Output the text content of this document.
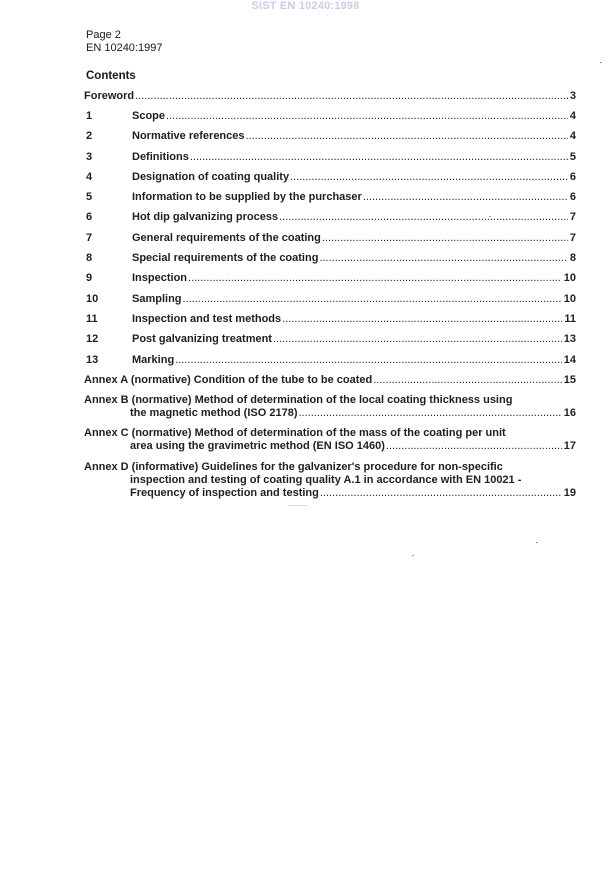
SIST EN 10240:1998
Page 2
EN 10240:1997
Contents
Foreword .....	3
1	Scope .....	4
2	Normative references .....	4
3	Definitions .....	5
4	Designation of coating quality .....	6
5	Information to be supplied by the purchaser .....	6
6	Hot dip galvanizing process .....	7
7	General requirements of the coating .....	7
8	Special requirements of the coating .....	8
9	Inspection .....	10
10	Sampling .....	10
11	Inspection and test methods .....	11
12	Post galvanizing treatment .....	13
13	Marking .....	14
Annex A (normative) Condition of the tube to be coated .....	15
Annex B (normative) Method of determination of the local coating thickness using
the magnetic method (ISO 2178) .....	16
Annex C (normative) Method of determination of the mass of the coating per unit
area using the gravimetric method (EN ISO 1460) .....	17
Annex D (informative) Guidelines for the galvanizer's procedure for non-specific
inspection and testing of coating quality A.1 in accordance with EN 10021 -
Frequency of inspection and testing .....	19
